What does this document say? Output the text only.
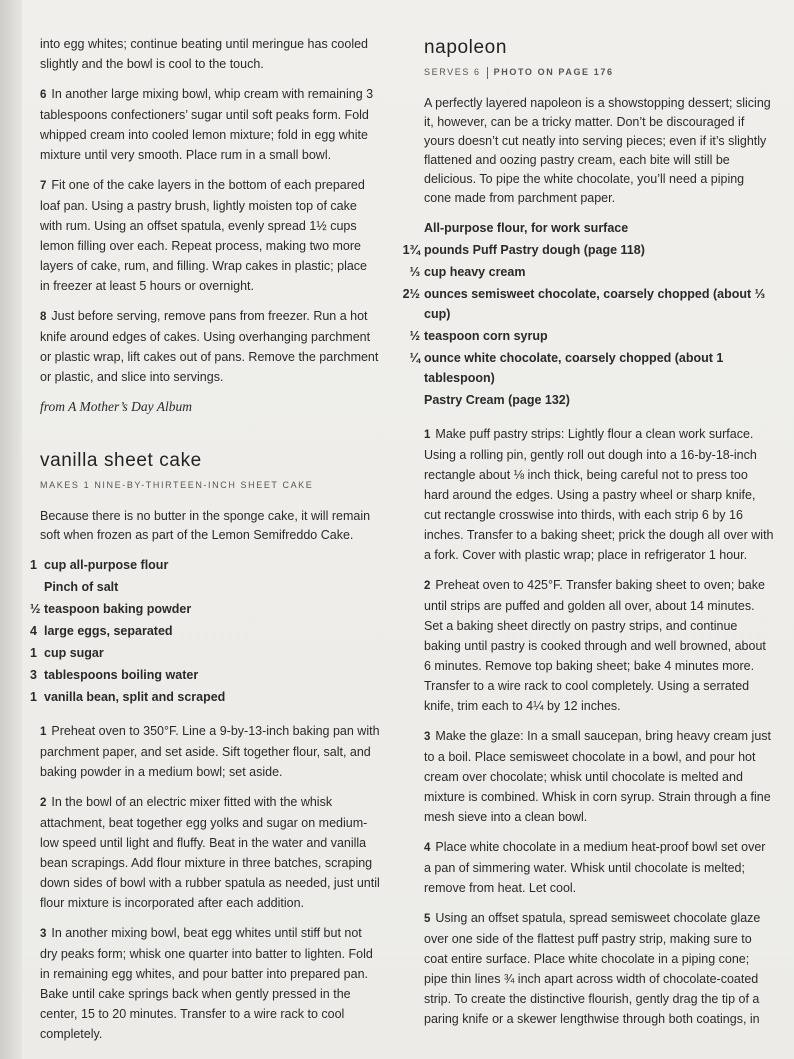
into egg whites; continue beating until meringue has cooled slightly and the bowl is cool to the touch.

6 In another large mixing bowl, whip cream with remaining 3 tablespoons confectioners’ sugar until soft peaks form. Fold whipped cream into cooled lemon mixture; fold in egg white mixture until very smooth. Place rum in a small bowl.

7 Fit one of the cake layers in the bottom of each prepared loaf pan. Using a pastry brush, lightly moisten top of cake with rum. Using an offset spatula, evenly spread 1½ cups lemon filling over each. Repeat process, making two more layers of cake, rum, and filling. Wrap cakes in plastic; place in freezer at least 5 hours or overnight.

8 Just before serving, remove pans from freezer. Run a hot knife around edges of cakes. Using overhanging parchment or plastic wrap, lift cakes out of pans. Remove the parchment or plastic, and slice into servings.

from A Mother’s Day Album

vanilla sheet cake
MAKES 1 NINE-BY-THIRTEEN-INCH SHEET CAKE

Because there is no butter in the sponge cake, it will remain soft when frozen as part of the Lemon Semifreddo Cake.

1 cup all-purpose flour
Pinch of salt
½ teaspoon baking powder
4 large eggs, separated
1 cup sugar
3 tablespoons boiling water
1 vanilla bean, split and scraped

1 Preheat oven to 350°F. Line a 9-by-13-inch baking pan with parchment paper, and set aside. Sift together flour, salt, and baking powder in a medium bowl; set aside.

2 In the bowl of an electric mixer fitted with the whisk attachment, beat together egg yolks and sugar on medium-low speed until light and fluffy. Beat in the water and vanilla bean scrapings. Add flour mixture in three batches, scraping down sides of bowl with a rubber spatula as needed, just until flour mixture is incorporated after each addition.

3 In another mixing bowl, beat egg whites until stiff but not dry peaks form; whisk one quarter into batter to lighten. Fold in remaining egg whites, and pour batter into prepared pan. Bake until cake springs back when gently pressed in the center, 15 to 20 minutes. Transfer to a wire rack to cool completely.

napoleon
SERVES 6 PHOTO ON PAGE 176

A perfectly layered napoleon is a showstopping dessert; slicing it, however, can be a tricky matter. Don’t be discouraged if yours doesn’t cut neatly into serving pieces; even if it’s slightly flattened and oozing pastry cream, each bite will still be delicious. To pipe the white chocolate, you’ll need a piping cone made from parchment paper.

All-purpose flour, for work surface
1¾ pounds Puff Pastry dough (page 118)
⅓ cup heavy cream
2½ ounces semisweet chocolate, coarsely chopped (about ⅓ cup)
½ teaspoon corn syrup
¼ ounce white chocolate, coarsely chopped (about 1 tablespoon)
Pastry Cream (page 132)

1 Make puff pastry strips: Lightly flour a clean work surface. Using a rolling pin, gently roll out dough into a 16-by-18-inch rectangle about ⅛ inch thick, being careful not to press too hard around the edges. Using a pastry wheel or sharp knife, cut rectangle crosswise into thirds, with each strip 6 by 16 inches. Transfer to a baking sheet; prick the dough all over with a fork. Cover with plastic wrap; place in refrigerator 1 hour.

2 Preheat oven to 425°F. Transfer baking sheet to oven; bake until strips are puffed and golden all over, about 14 minutes. Set a baking sheet directly on pastry strips, and continue baking until pastry is cooked through and well browned, about 6 minutes. Remove top baking sheet; bake 4 minutes more. Transfer to a wire rack to cool completely. Using a serrated knife, trim each to 4¼ by 12 inches.

3 Make the glaze: In a small saucepan, bring heavy cream just to a boil. Place semisweet chocolate in a bowl, and pour hot cream over chocolate; whisk until chocolate is melted and mixture is combined. Whisk in corn syrup. Strain through a fine mesh sieve into a clean bowl.

4 Place white chocolate in a medium heat-proof bowl set over a pan of simmering water. Whisk until chocolate is melted; remove from heat. Let cool.

5 Using an offset spatula, spread semisweet chocolate glaze over one side of the flattest puff pastry strip, making sure to coat entire surface. Place white chocolate in a piping cone; pipe thin lines ¾ inch apart across width of chocolate-coated strip. To create the distinctive flourish, gently drag the tip of a paring knife or a skewer lengthwise through both coatings, in
